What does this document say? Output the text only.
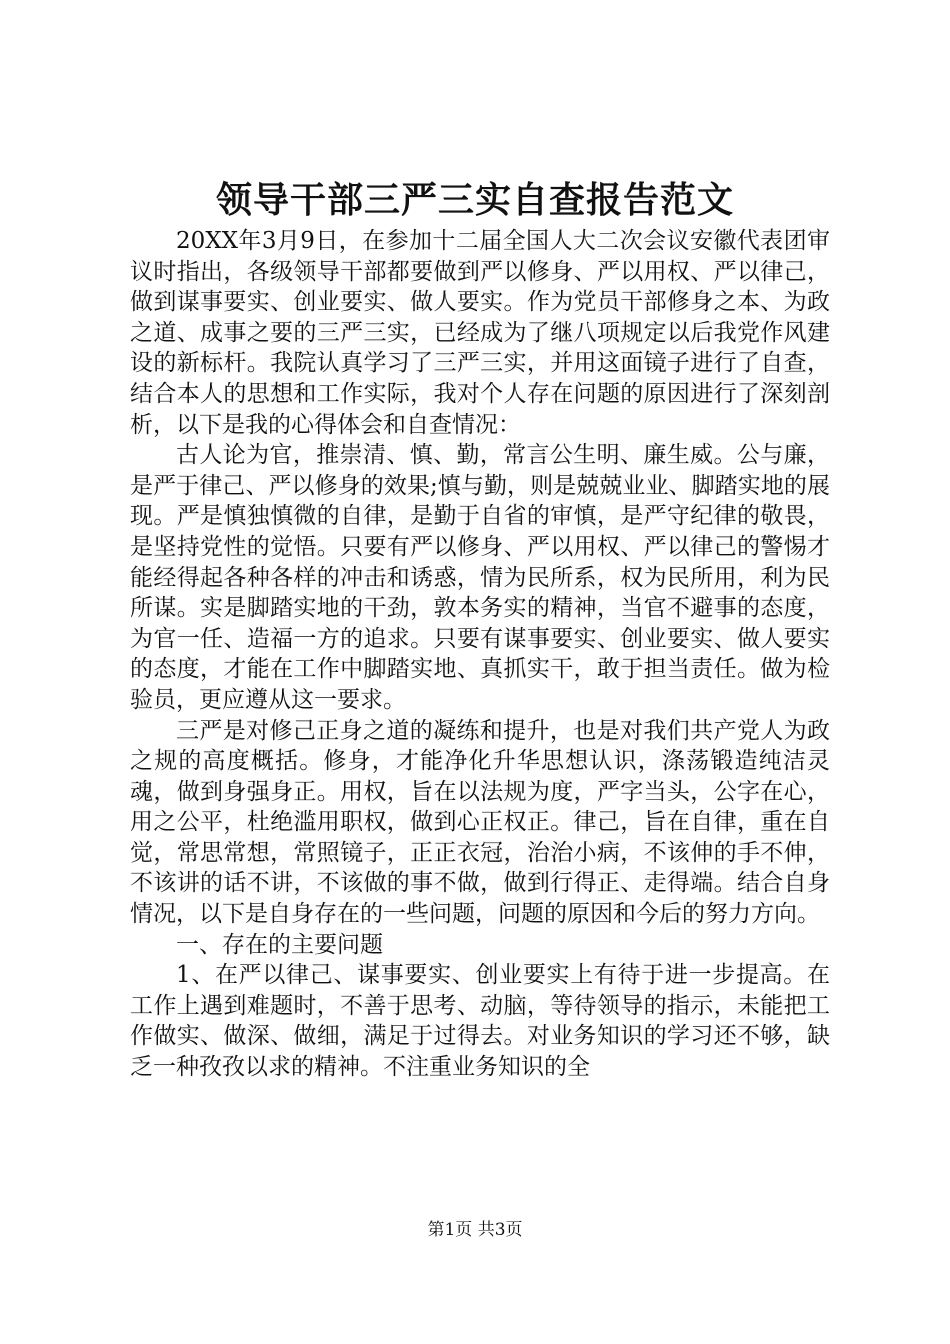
领导干部三严三实自查报告范文

20XX年3月9日，在参加十二届全国人大二次会议安徽代表团审议时指出，各级领导干部都要做到严以修身、严以用权、严以律己，做到谋事要实、创业要实、做人要实。作为党员干部修身之本、为政之道、成事之要的三严三实，已经成为了继八项规定以后我党作风建设的新标杆。我院认真学习了三严三实，并用这面镜子进行了自查，结合本人的思想和工作实际，我对个人存在问题的原因进行了深刻剖析，以下是我的心得体会和自查情况：

古人论为官，推崇清、慎、勤，常言公生明、廉生威。公与廉，是严于律己、严以修身的效果;慎与勤，则是兢兢业业、脚踏实地的展现。严是慎独慎微的自律，是勤于自省的审慎，是严守纪律的敬畏，是坚持党性的觉悟。只要有严以修身、严以用权、严以律己的警惕才能经得起各种各样的冲击和诱惑，情为民所系，权为民所用，利为民所谋。实是脚踏实地的干劲，敦本务实的精神，当官不避事的态度，为官一任、造福一方的追求。只要有谋事要实、创业要实、做人要实的态度，才能在工作中脚踏实地、真抓实干，敢于担当责任。做为检验员，更应遵从这一要求。

三严是对修己正身之道的凝练和提升，也是对我们共产党人为政之规的高度概括。修身，才能净化升华思想认识，涤荡锻造纯洁灵魂，做到身强身正。用权，旨在以法规为度，严字当头，公字在心，用之公平，杜绝滥用职权，做到心正权正。律己，旨在自律，重在自觉，常思常想，常照镜子，正正衣冠，治治小病，不该伸的手不伸，不该讲的话不讲，不该做的事不做，做到行得正、走得端。结合自身情况，以下是自身存在的一些问题，问题的原因和今后的努力方向。

一、存在的主要问题

1、在严以律己、谋事要实、创业要实上有待于进一步提高。在工作上遇到难题时，不善于思考、动脑，等待领导的指示，未能把工作做实、做深、做细，满足于过得去。对业务知识的学习还不够，缺乏一种孜孜以求的精神。不注重业务知识的全

第1页 共3页
